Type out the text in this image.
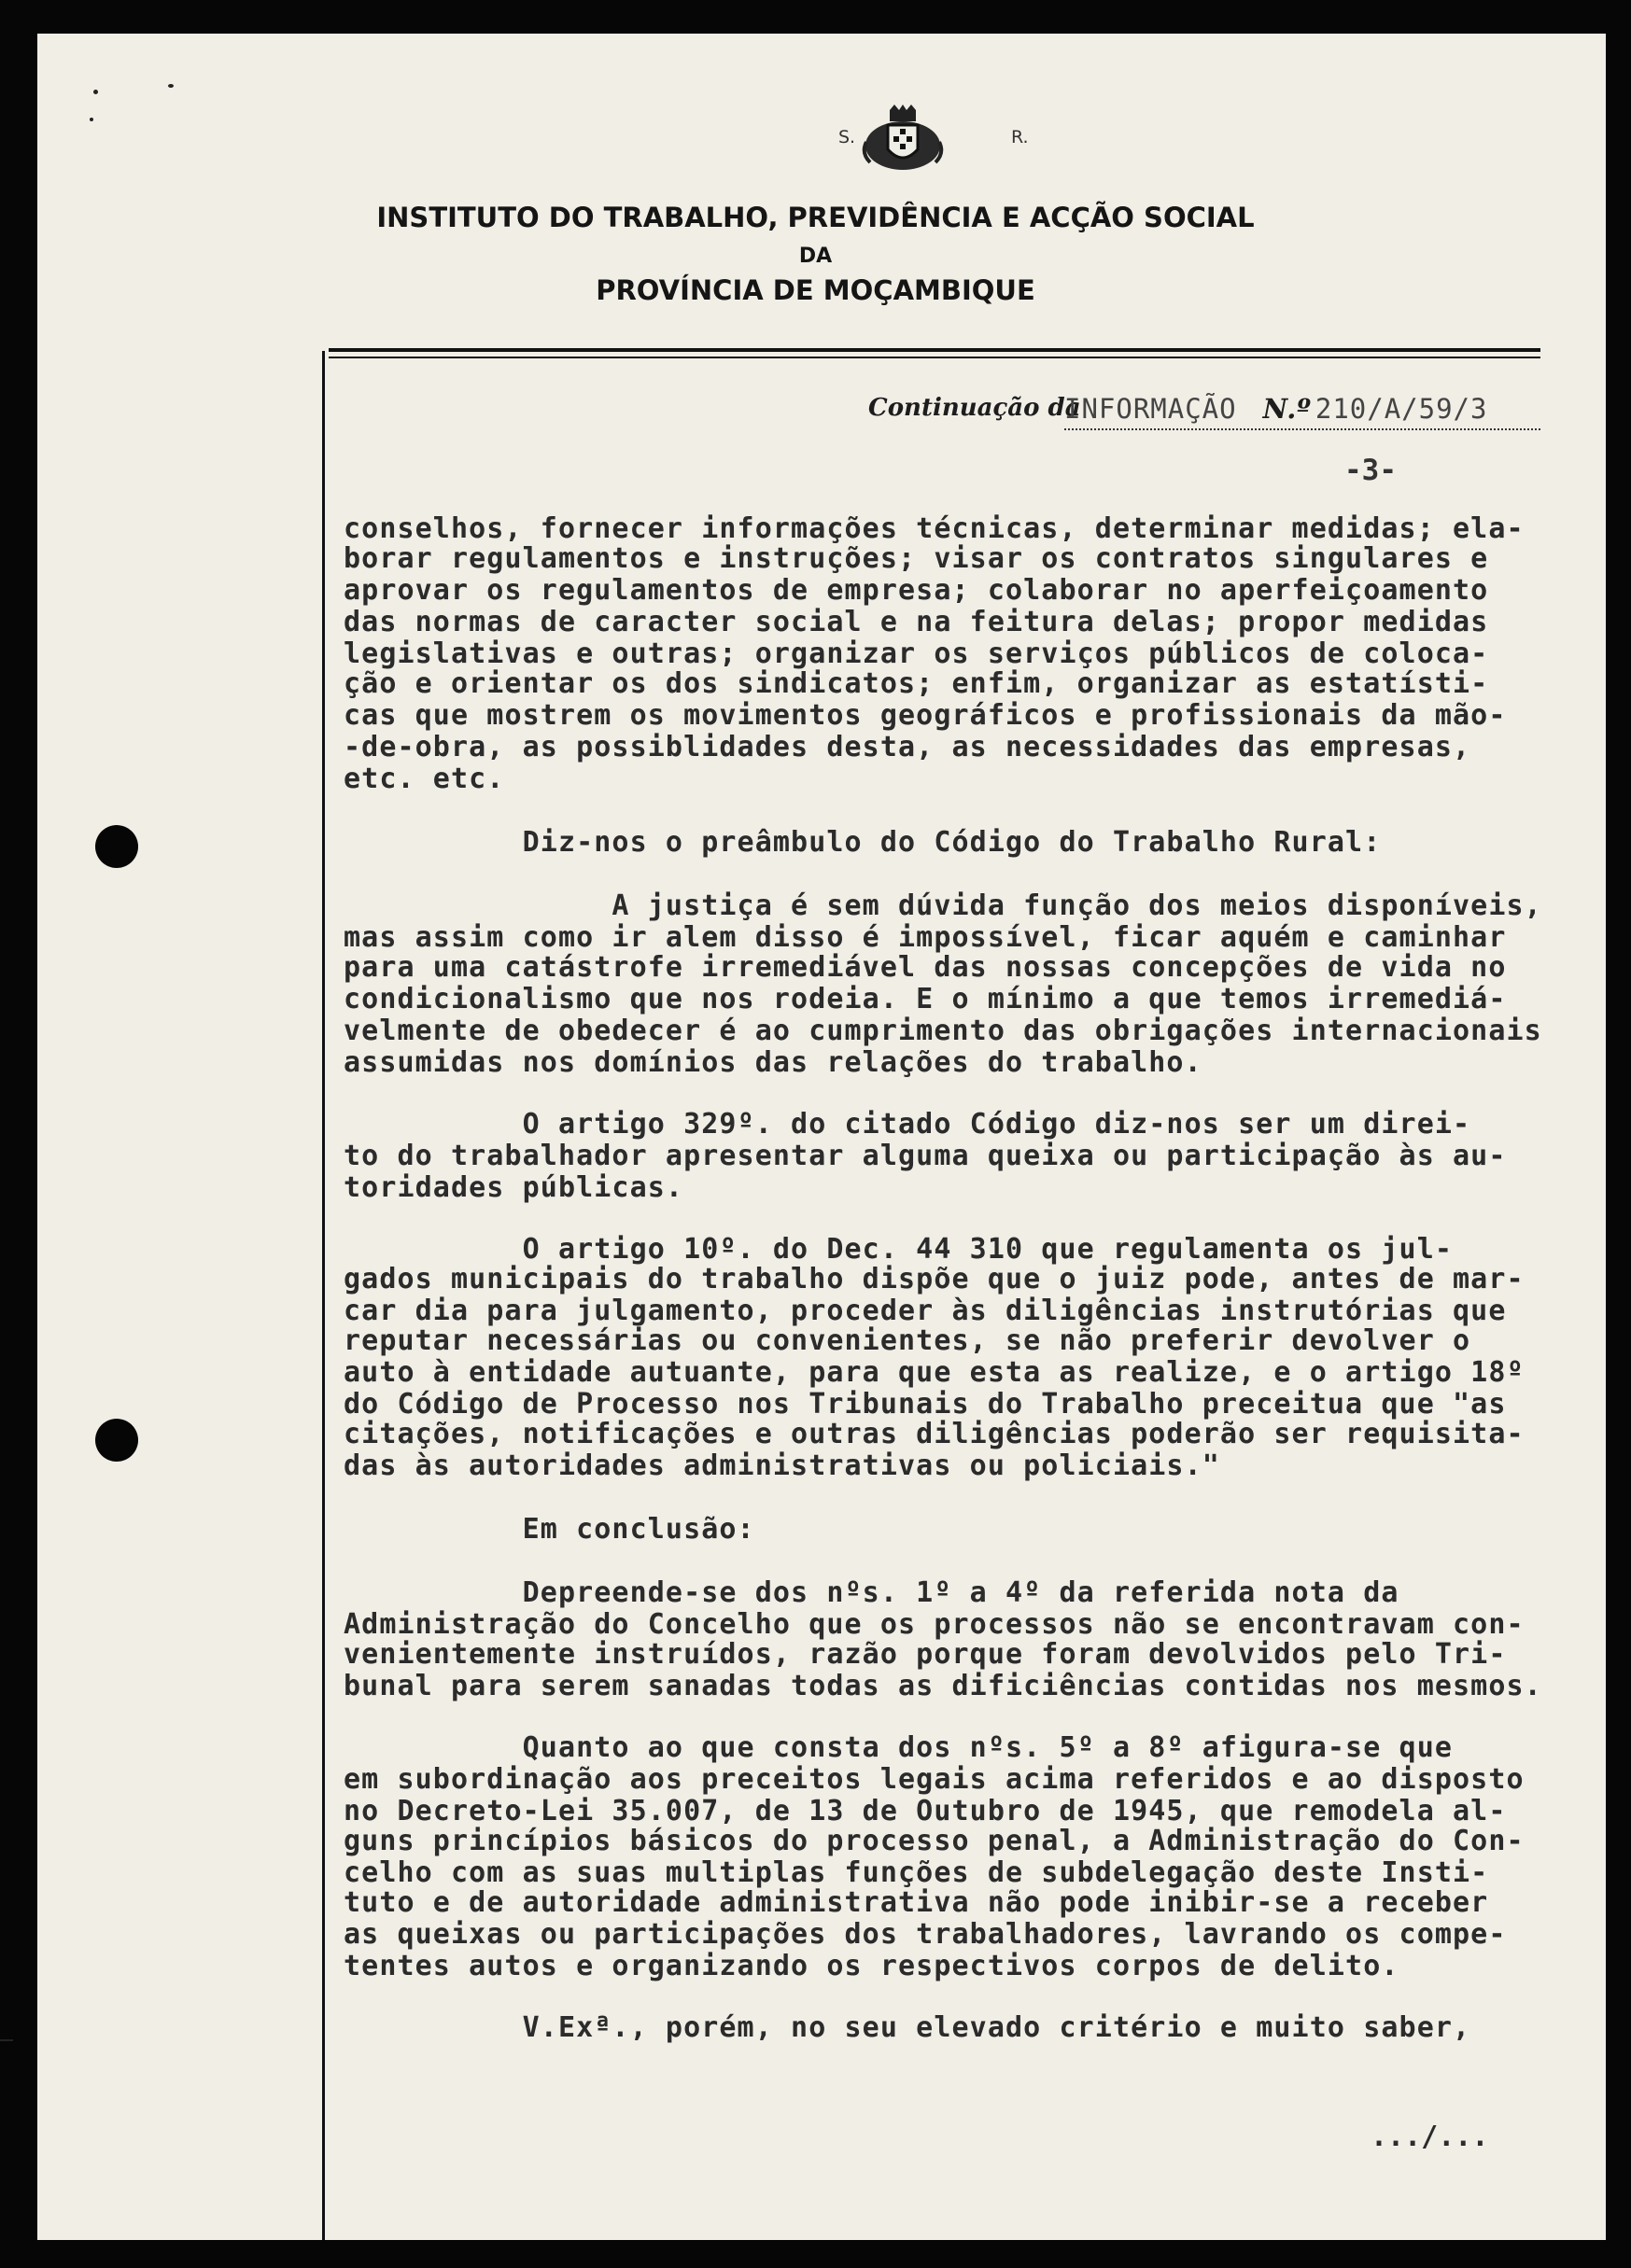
S.	R.
INSTITUTO DO TRABALHO, PREVIDÊNCIA E ACÇÃO SOCIAL
DA
PROVÍNCIA DE MOÇAMBIQUE
Continuação da
INFORMAÇÃO N.º 210/A/59/3
-3-
conselhos, fornecer informações técnicas, determinar medidas; ela-
borar regulamentos e instruções; visar os contratos singulares e
aprovar os regulamentos de empresa; colaborar no aperfeiçoamento
das normas de caracter social e na feitura delas; propor medidas
legislativas e outras; organizar os serviços públicos de coloca-
ção e orientar os dos sindicatos; enfim, organizar as estatísti-
cas que mostrem os movimentos geográficos e profissionais da mão-
-de-obra, as possiblidades desta, as necessidades das empresas,
etc. etc.
Diz-nos o preâmbulo do Código do Trabalho Rural:
A justiça é sem dúvida função dos meios disponíveis,
mas assim como ir alem disso é impossível, ficar aquém e caminhar
para uma catástrofe irremediável das nossas concepções de vida no
condicionalismo que nos rodeia. E o mínimo a que temos irremediá-
velmente de obedecer é ao cumprimento das obrigações internacionais
assumidas nos domínios das relações do trabalho.
O artigo 329º. do citado Código diz-nos ser um direi-
to do trabalhador apresentar alguma queixa ou participação às au-
toridades públicas.
O artigo 10º. do Dec. 44 310 que regulamenta os jul-
gados municipais do trabalho dispõe que o juiz pode, antes de mar-
car dia para julgamento, proceder às diligências instrutórias que
reputar necessárias ou convenientes, se não preferir devolver o
auto à entidade autuante, para que esta as realize, e o artigo 18º
do Código de Processo nos Tribunais do Trabalho preceitua que "as
citações, notificações e outras diligências poderão ser requisita-
das às autoridades administrativas ou policiais."
Em conclusão:
Depreende-se dos nºs. 1º a 4º da referida nota da
Administração do Concelho que os processos não se encontravam con-
venientemente instruídos, razão porque foram devolvidos pelo Tri-
bunal para serem sanadas todas as dificiências contidas nos mesmos.
Quanto ao que consta dos nºs. 5º a 8º afigura-se que
em subordinação aos preceitos legais acima referidos e ao disposto
no Decreto-Lei 35.007, de 13 de Outubro de 1945, que remodela al-
guns princípios básicos do processo penal, a Administração do Con-
celho com as suas multiplas funções de subdelegação deste Insti-
tuto e de autoridade administrativa não pode inibir-se a receber
as queixas ou participações dos trabalhadores, lavrando os compe-
tentes autos e organizando os respectivos corpos de delito.
V.Exª., porém, no seu elevado critério e muito saber,
.../...
